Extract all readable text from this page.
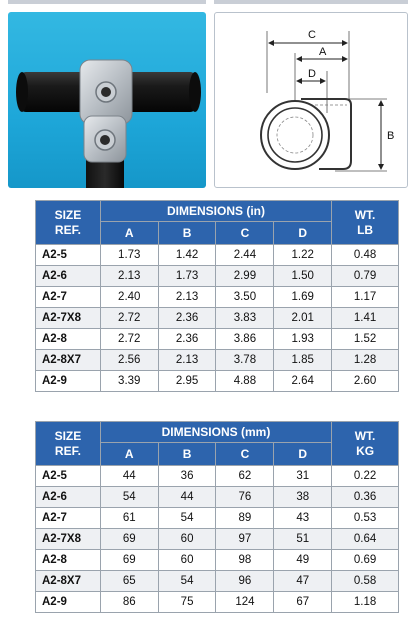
C
A
D
B
SIZE
REF.	DIMENSIONS (in)				WT.
LB

	A	B	C	D	
A2-5	1.73	1.42	2.44	1.22	0.48
A2-6	2.13	1.73	2.99	1.50	0.79
A2-7	2.40	2.13	3.50	1.69	1.17
A2-7X8	2.72	2.36	3.83	2.01	1.41
A2-8	2.72	2.36	3.86	1.93	1.52
A2-8X7	2.56	2.13	3.78	1.85	1.28
A2-9	3.39	2.95	4.88	2.64	2.60
SIZE
REF.	DIMENSIONS (mm)				WT.
KG

	A	B	C	D	
A2-5	44	36	62	31	0.22
A2-6	54	44	76	38	0.36
A2-7	61	54	89	43	0.53
A2-7X8	69	60	97	51	0.64
A2-8	69	60	98	49	0.69
A2-8X7	65	54	96	47	0.58
A2-9	86	75	124	67	1.18
